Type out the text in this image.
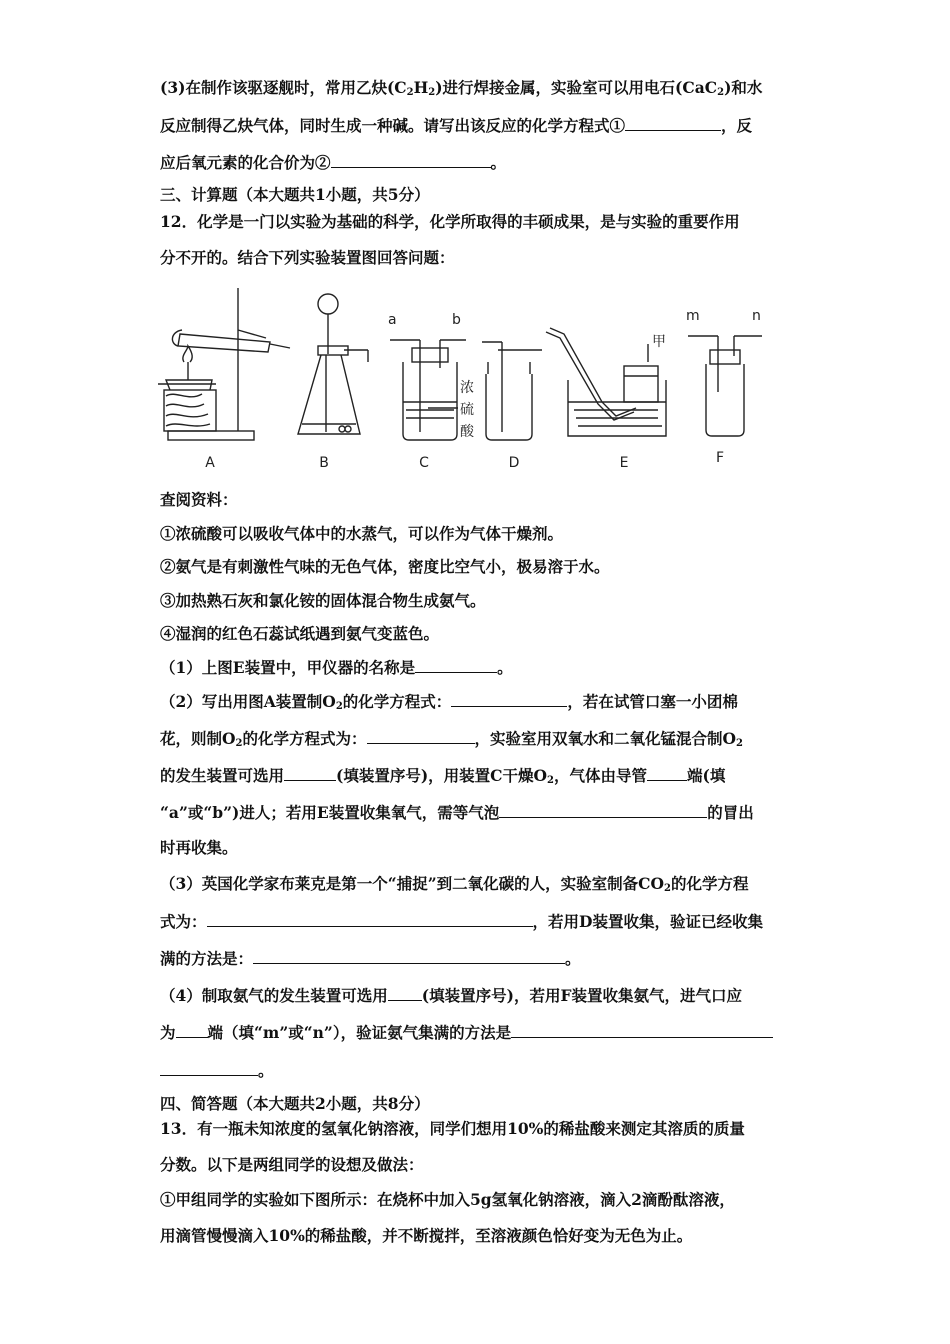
(3)在制作该驱逐舰时，常用乙炔$(C_2H_2)$进行焊接金属，实验室可以用电石(CaC$_2$)和水
反应制得乙炔气体，同时生成一种碱。请写出该反应的化学方程式①	，反
应后氧元素的化合价为②	。
三、计算题（本大题共1小题，共5分）
12．化学是一门以实验为基础的科学，化学所取得的丰硕成果，是与实验的重要作用
分不开的。结合下列实验装置图回答问题：
A	B	C	D	E	F
a	b	m	n
浓
硫
酸
甲
查阅资料：
①浓硫酸可以吸收气体中的水蒸气，可以作为气体干燥剂。
②氨气是有刺激性气味的无色气体，密度比空气小，极易溶于水。
③加热熟石灰和氯化铵的固体混合物生成氨气。
④湿润的红色石蕊试纸遇到氨气变蓝色。
（1）上图E装置中，甲仪器的名称是	。
（2）写出用图A装置制$O_2$的化学方程式：	，若在试管口塞一小团棉
花，则制$O_2$的化学方程式为：	，实验室用双氧水和二氧化锰混合制$O_2$
的发生装置可选用	(填装置序号)，用装置C干燥$O_2$，气体由导管	端(填
“a”或“b”)进人；若用E装置收集氧气，需等气泡	的冒出
时再收集。
（3）英国化学家布莱克是第一个“捕捉”到二氧化碳的人，实验室制备$CO_2$的化学方程
式为：	，若用D装置收集，验证已经收集
满的方法是：	。
（4）制取氨气的发生装置可选用 (填装置序号)，若用F装置收集氨气，进气口应
为 端（填“m”或“n”），验证氨气集满的方法是
。
四、简答题（本大题共2小题，共8分）
13．有一瓶未知浓度的氢氧化钠溶液，同学们想用10%的稀盐酸来测定其溶质的质量
分数。以下是两组同学的设想及做法：
①甲组同学的实验如下图所示：在烧杯中加入5g氢氧化钠溶液，滴入2滴酚酞溶液，
用滴管慢慢滴入10%的稀盐酸，并不断搅拌，至溶液颜色恰好变为无色为止。
